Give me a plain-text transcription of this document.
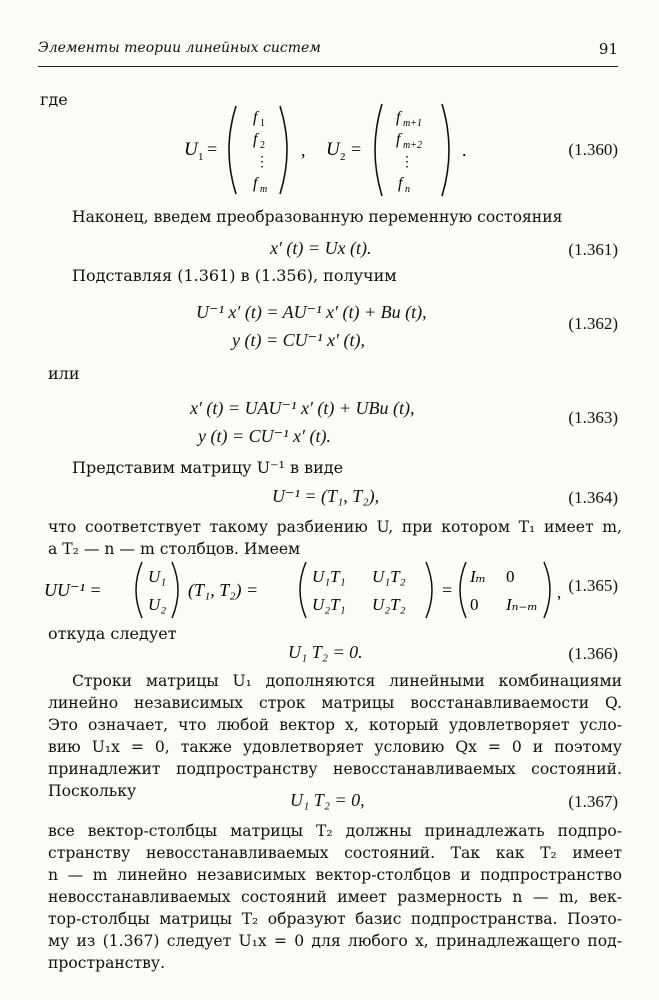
Элементы теории линейных систем	91
где
U 1 =
f 1
f 2
⋮
f m
, U 2 =
f m+1
f m+2
⋮
f n
.	(1.360)
Наконец, введем преобразованную переменную состояния
x′ (t) = Ux (t).	(1.361)
Подставляя (1.361) в (1.356), получим
U⁻¹ x′ (t) = AU⁻¹ x′ (t) + Bu (t),
y (t) = CU⁻¹ x′ (t),
(1.362)
или
x′ (t) = UAU⁻¹ x′ (t) + UBu (t),
y (t) = CU⁻¹ x′ (t).
(1.363)
Представим матрицу U⁻¹ в виде
U⁻¹ = (T₁, T₂),	(1.364)
что соответствует такому разбиению U, при котором T₁ имеет m,
а T₂ — n — m столбцов. Имеем
UU⁻¹ =
U₁
U₂
(T₁, T₂) =
U₁T₁ U₁T₂
U₂T₁ U₂T₂
=
Iₘ 0
0 Iₙ₋ₘ
, (1.365)
откуда следует
U₁ T₂ = 0.	(1.366)
Строки матрицы U₁ дополняются линейными комбинациями
линейно независимых строк матрицы восстанавливаемости Q.
Это означает, что любой вектор x, который удовлетворяет усло-
вию U₁x = 0, также удовлетворяет условию Qx = 0 и поэтому
принадлежит подпространству невосстанавливаемых состояний.
Поскольку	U₁ T₂ = 0,	(1.367)
все вектор-столбцы матрицы T₂ должны принадлежать подпро-
странству невосстанавливаемых состояний. Так как T₂ имеет
n — m линейно независимых вектор-столбцов и подпространство
невосстанавливаемых состояний имеет размерность n — m, век-
тор-столбцы матрицы T₂ образуют базис подпространства. Поэто-
му из (1.367) следует U₁x = 0 для любого x, принадлежащего под-
пространству.
